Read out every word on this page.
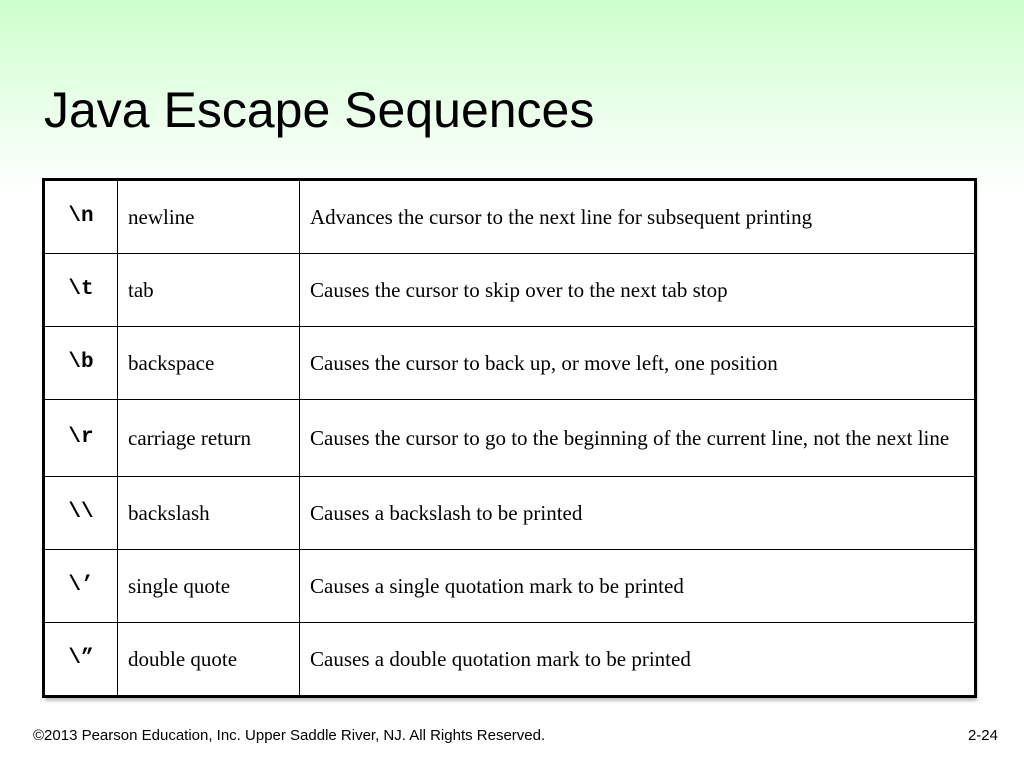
Java Escape Sequences
\n	newline	Advances the cursor to the next line for subsequent printing
\t	tab	Causes the cursor to skip over to the next tab stop
\b	backspace	Causes the cursor to back up, or move left, one position
\r	carriage return	Causes the cursor to go to the beginning of the current line, not the next line
\\	backslash	Causes a backslash to be printed
\’	single quote	Causes a single quotation mark to be printed
\”	double quote	Causes a double quotation mark to be printed
©2013 Pearson Education, Inc. Upper Saddle River, NJ. All Rights Reserved.	2-24
